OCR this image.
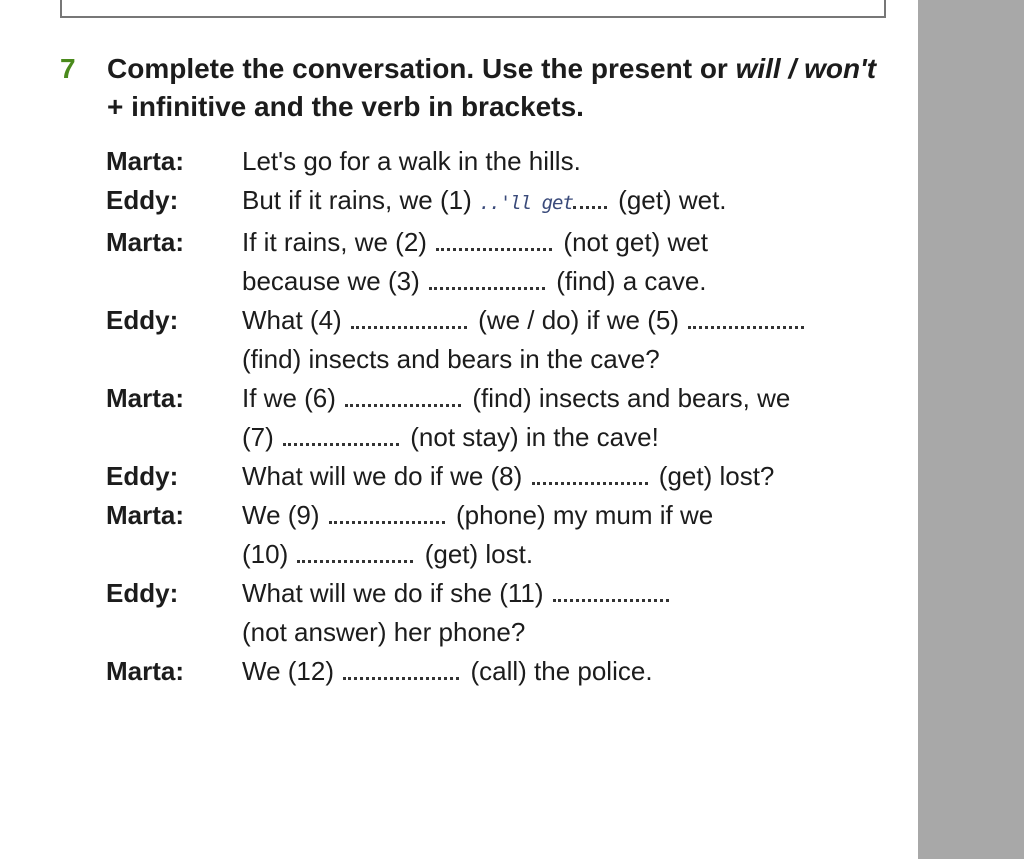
7	Complete the conversation. Use the present or will / won't + infinitive and the verb in brackets.
Marta:	Let's go for a walk in the hills.
Eddy:	But if it rains, we (1) ..'ll get (get) wet.
Marta:	If it rains, we (2)	(not get) wet
because we (3)	(find) a cave.
Eddy:	What (4)	(we / do) if we (5)
(find) insects and bears in the cave?
Marta:	If we (6)	(find) insects and bears, we
(7)	(not stay) in the cave!
Eddy:	What will we do if we (8)	(get) lost?
Marta:	We (9)	(phone) my mum if we
(10)	(get) lost.
Eddy:	What will we do if she (11)
(not answer) her phone?
Marta:	We (12)	(call) the police.
